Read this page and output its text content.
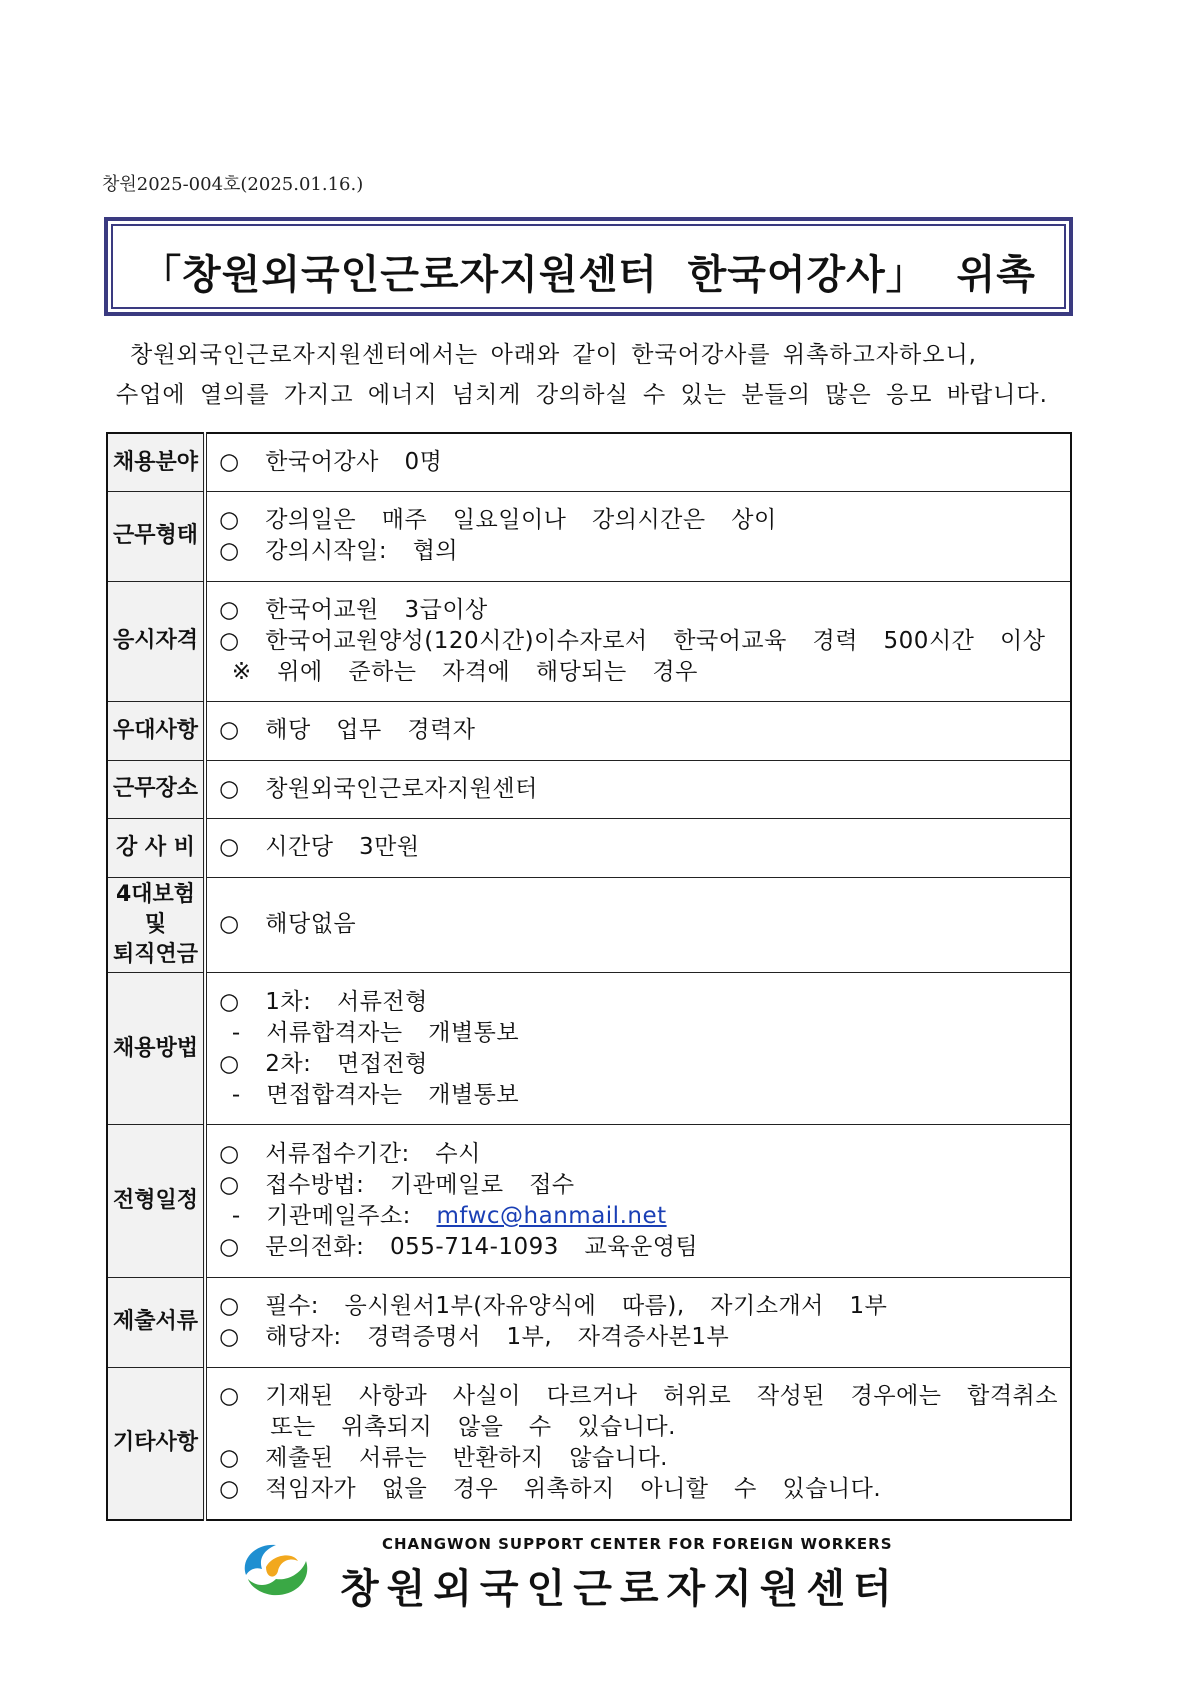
창원2025-004호(2025.01.16.)
「창원외국인근로자지원센터  한국어강사」  위촉
창원외국인근로자지원센터에서는 아래와 같이 한국어강사를 위촉하고자하오니,
수업에 열의를 가지고 에너지 넘치게 강의하실 수 있는 분들의 많은 응모 바랍니다.
채용분야	○  한국어강사  0명

근무형태	○  강의일은  매주  일요일이나  강의시간은  상이
○  강의시작일:  협의

응시자격	○  한국어교원  3급이상
○  한국어교원양성(120시간)이수자로서  한국어교육  경력  500시간  이상
※  위에  준하는  자격에  해당되는  경우

우대사항	○  해당  업무  경력자

근무장소	○  창원외국인근로자지원센터

강 사 비	○  시간당  3만원

4대보험 및
퇴직연금	○  해당없음

채용방법	○  1차:  서류전형
-  서류합격자는  개별통보
○  2차:  면접전형
-  면접합격자는  개별통보

전형일정	○  서류접수기간:  수시
○  접수방법:  기관메일로  접수
-  기관메일주소:  mfwc@hanmail.net
○  문의전화:  055-714-1093  교육운영팀

제출서류	○  필수:  응시원서1부(자유양식에  따름),  자기소개서  1부
○  해당자:  경력증명서  1부,  자격증사본1부

기타사항	○  기재된  사항과  사실이  다르거나  허위로  작성된  경우에는  합격취소
또는  위촉되지  않을  수  있습니다.
○  제출된  서류는  반환하지  않습니다.
○  적임자가  없을  경우  위촉하지  아니할  수  있습니다.
CHANGWON SUPPORT CENTER FOR FOREIGN WORKERS
창원외국인근로자지원센터
